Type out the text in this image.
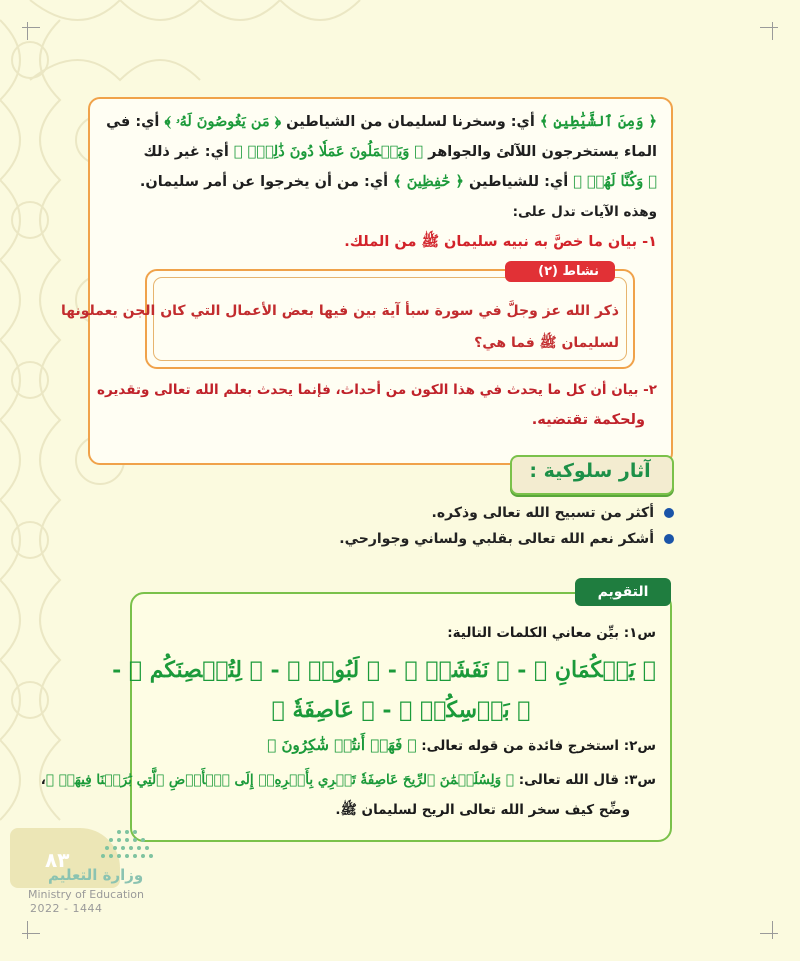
﴿ وَمِنَ ٱلشَّيَٰطِينِ ﴾ أي: وسخرنا لسليمان من الشياطين ﴿ مَن يَغُوصُونَ لَهُۥ ﴾ أي: في
الماء يستخرجون اللآلئ والجواهر ﴿ وَيَعۡمَلُونَ عَمَلٗا دُونَ ذَٰلِكَۖ ﴾ أي: غير ذلك
﴿ وَكُنَّا لَهُمۡ ﴾ أي: للشياطين ﴿ حَٰفِظِينَ ﴾ أي: من أن يخرجوا عن أمر سليمان.
وهذه الآيات تدل على:
١- بيان ما خصَّ به نبيه سليمان ﷺ من الملك.
نشاط (٢)
ذكر الله عز وجلَّ في سورة سبأ آية بين فيها بعض الأعمال التي كان الجن يعملونها
لسليمان ﷺ فما هي؟
٢- بيان أن كل ما يحدث في هذا الكون من أحداث، فإنما يحدث بعلم الله تعالى وتقديره
ولحكمة تقتضيه.
آثار سلوكية :
أكثر من تسبيح الله تعالى وذكره.
أشكر نعم الله تعالى بقلبي ولساني وجوارحي.
س١: بيِّن معاني الكلمات التالية:
﴿ يَحۡكُمَانِ ﴾ - ﴿ نَفَشَتۡ ﴾ - ﴿ لَبُوسٖ ﴾ - ﴿ لِتُحۡصِنَكُم ﴾ -
﴿ بَأۡسِكُمۡ ﴾ - ﴿ عَاصِفَةٗ ﴾
س٢: استخرج فائدة من قوله تعالى: ﴿ فَهَلۡ أَنتُمۡ شَٰكِرُونَ ﴾
س٣: قال الله تعالى: ﴿ وَلِسُلَيۡمَٰنَ ٱلرِّيحَ عَاصِفَةٗ تَجۡرِي بِأَمۡرِهِۦٓ إِلَى ٱلۡأَرۡضِ ٱلَّتِي بَٰرَكۡنَا فِيهَاۚ ﴾،
وضِّح كيف سخر الله تعالى الريح لسليمان ﷺ.
التقويم
٨٣
وزارة التعليم
Ministry of Education
2022 - 1444
